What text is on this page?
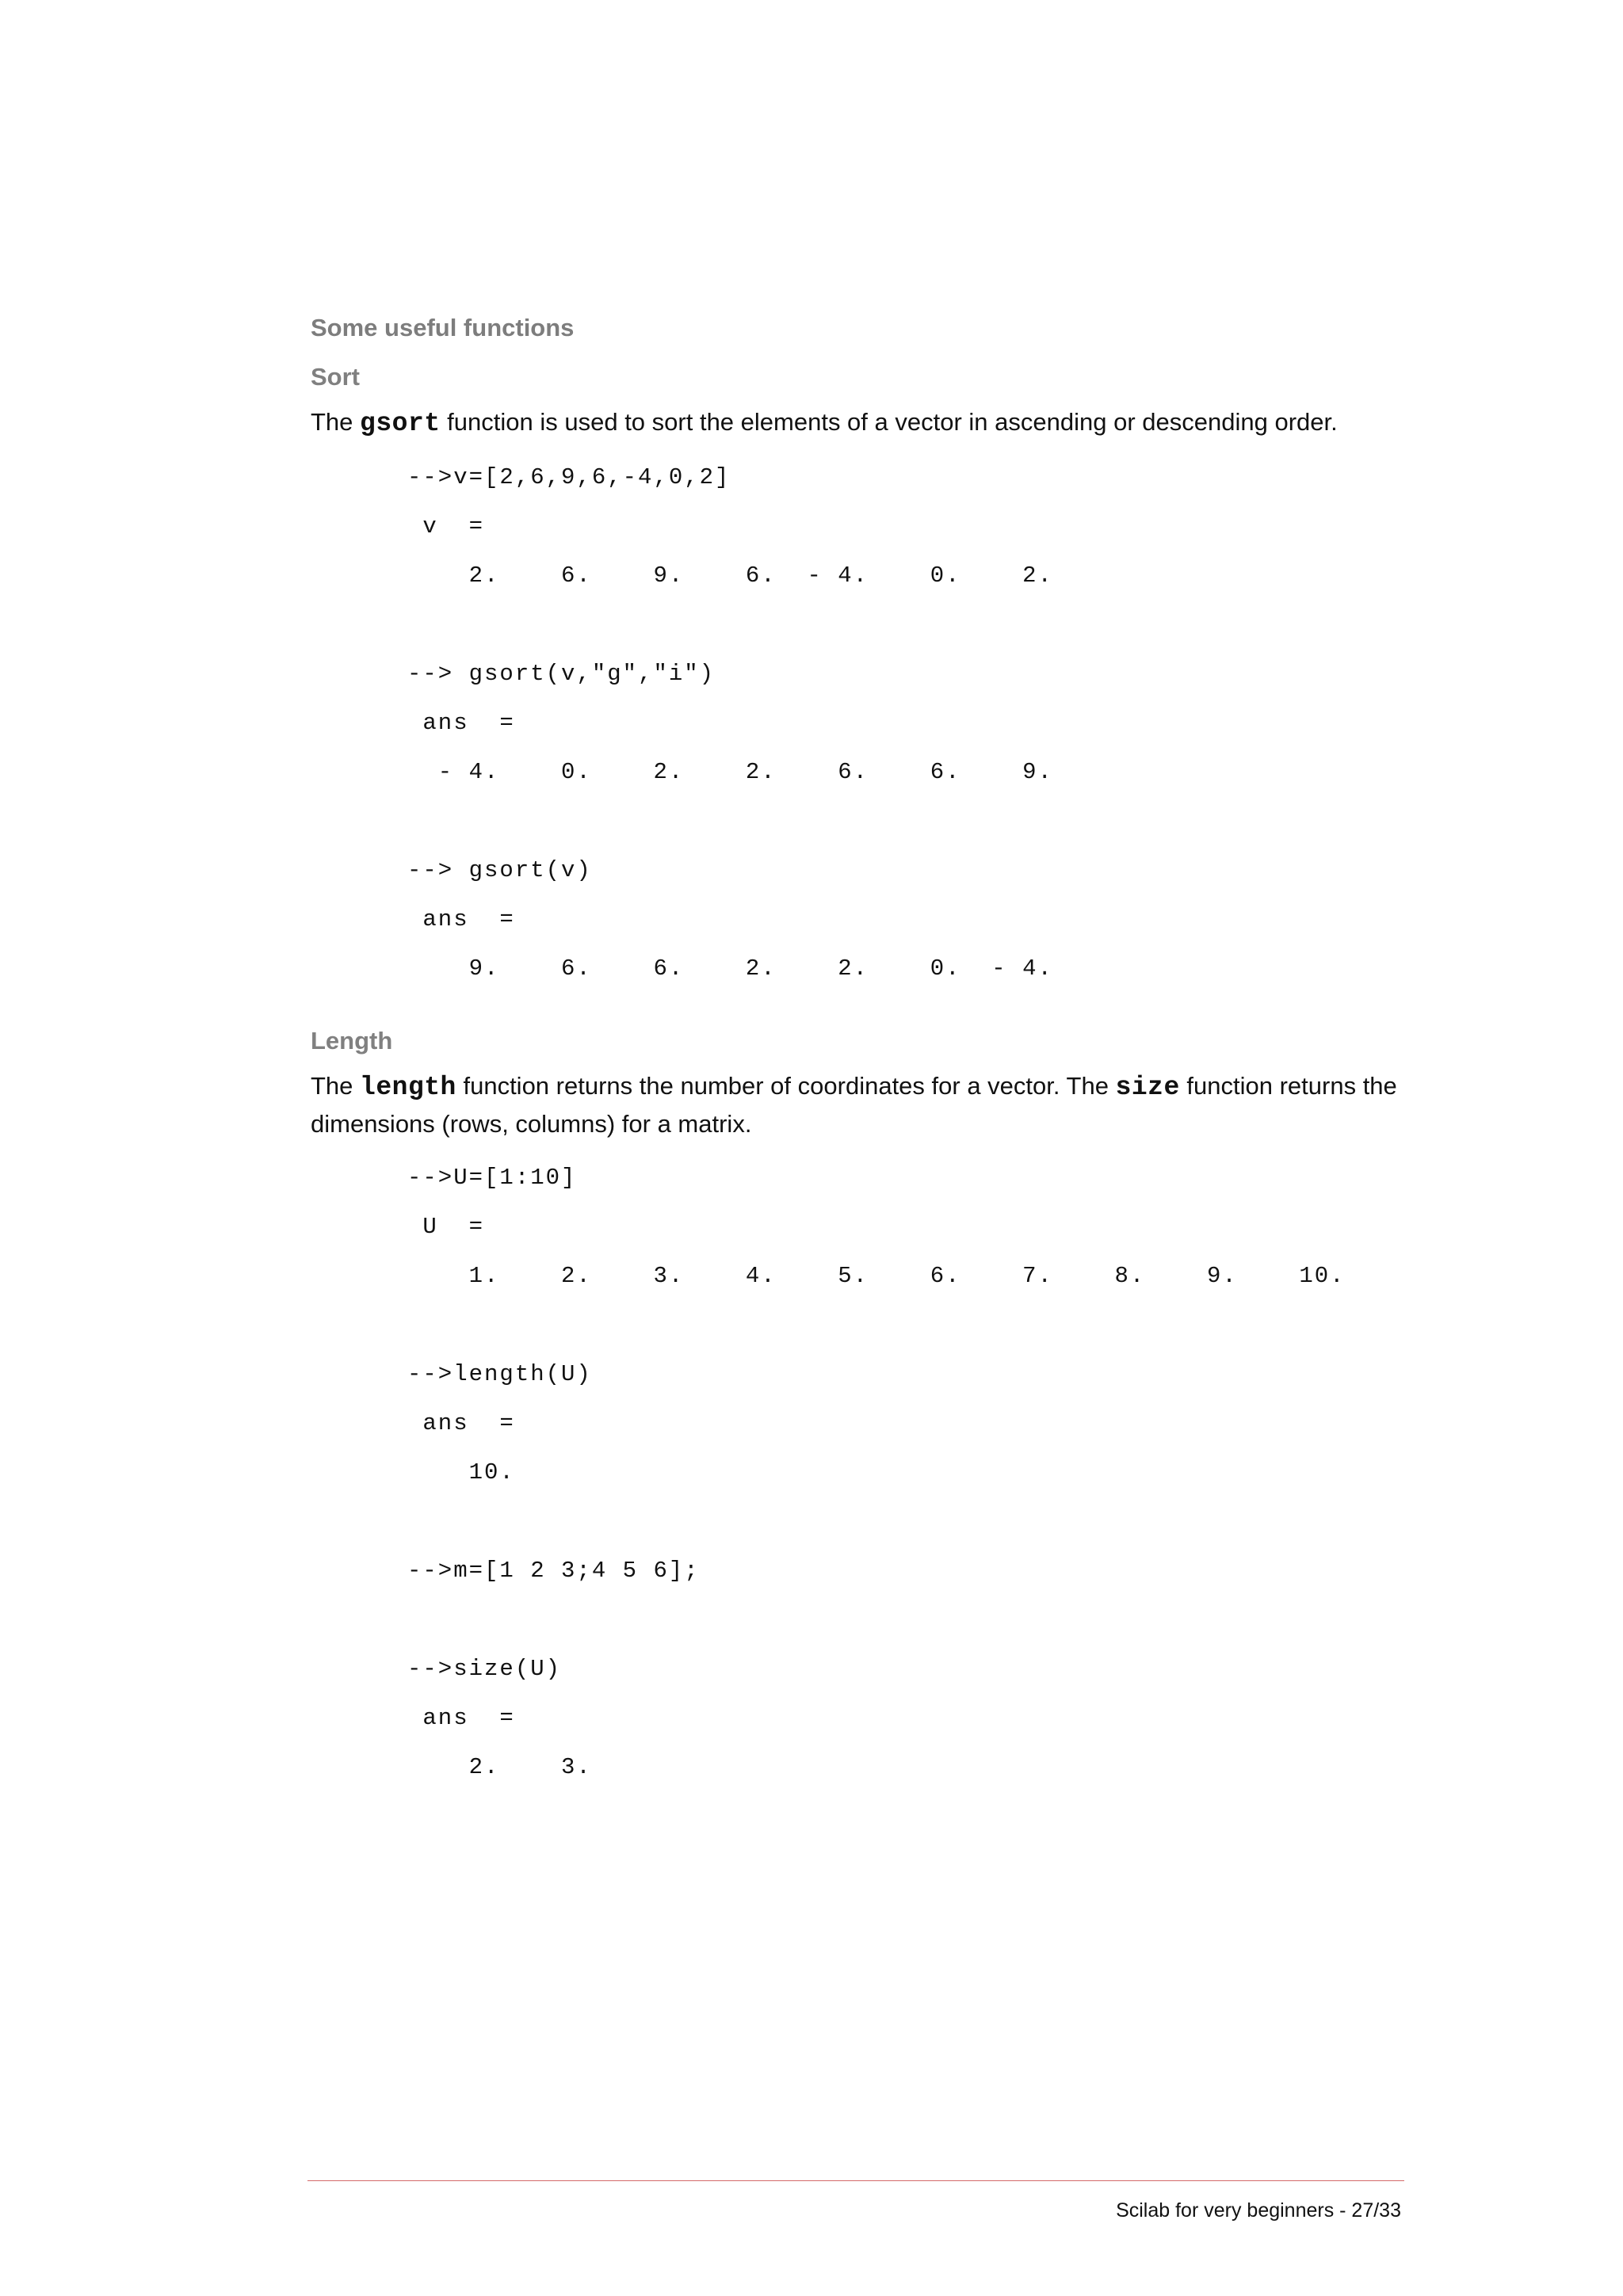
Some useful functions
Sort

The gsort function is used to sort the elements of a vector in ascending or descending order.

-->v=[2,6,9,6,-4,0,2]
v  =
2.    6.    9.    6.  - 4.    0.    2.
--> gsort(v,"g","i")
ans  =
- 4.    0.    2.    2.    6.    6.    9.
--> gsort(v)
ans  =
9.    6.    6.    2.    2.    0.  - 4.
Length

The length function returns the number of coordinates for a vector. The size function returns the dimensions (rows, columns) for a matrix.

-->U=[1:10]
U  =
1.    2.    3.    4.    5.    6.    7.    8.    9.    10.
-->length(U)
ans  =
10.
-->m=[1 2 3;4 5 6];
-->size(U)
ans  =
2.    3.
Scilab for very beginners - 27/33
